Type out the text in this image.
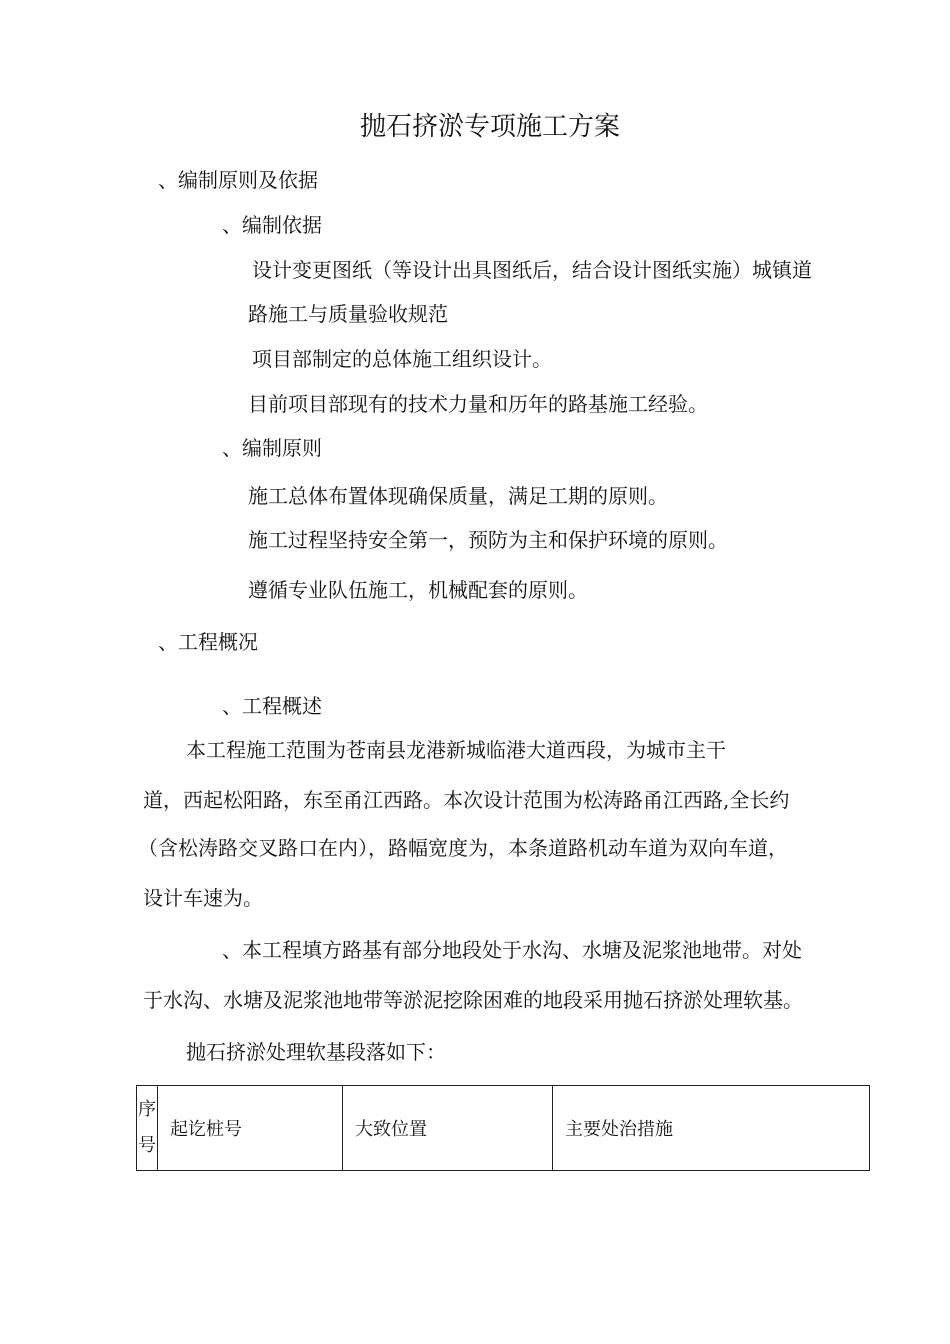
抛石挤淤专项施工方案
、编制原则及依据
、编制依据
设计变更图纸（等设计出具图纸后，结合设计图纸实施）城镇道
路施工与质量验收规范
项目部制定的总体施工组织设计。
目前项目部现有的技术力量和历年的路基施工经验。
、编制原则
施工总体布置体现确保质量，满足工期的原则。
施工过程坚持安全第一，预防为主和保护环境的原则。
遵循专业队伍施工，机械配套的原则。
、工程概况
、工程概述
本工程施工范围为苍南县龙港新城临港大道西段，为城市主干
道，西起松阳路，东至甬江西路。本次设计范围为松涛路甬江西路,全长约
（含松涛路交叉路口在内），路幅宽度为，本条道路机动车道为双向车道，
设计车速为。
、本工程填方路基有部分地段处于水沟、水塘及泥浆池地带。对处
于水沟、水塘及泥浆池地带等淤泥挖除困难的地段采用抛石挤淤处理软基。
抛石挤淤处理软基段落如下：
序号	起讫桩号	大致位置	主要处治措施
